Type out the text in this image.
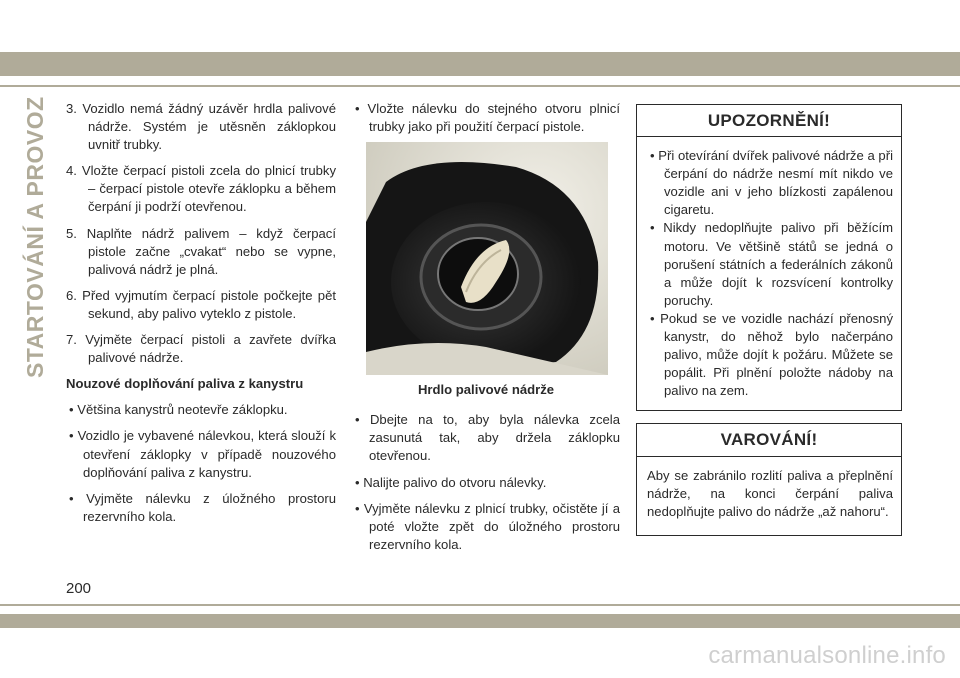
STARTOVÁNÍ A PROVOZ 3. Vozidlo nemá žádný uzávěr hrdla palivové nádrže. Systém je utěsněn záklopkou uvnitř trubky.

4. Vložte čerpací pistoli zcela do plnicí trubky – čerpací pistole otevře záklopku a během čerpání ji podrží otevřenou.

5. Naplňte nádrž palivem – když čerpací pistole začne „cvakat“ nebo se vypne, palivová nádrž je plná.

6. Před vyjmutím čerpací pistole počkejte pět sekund, aby palivo vyteklo z pistole.

7. Vyjměte čerpací pistoli a zavřete dvířka palivové nádrže.

Nouzové doplňování paliva z kanystru

• Většina kanystrů neotevře záklopku.

• Vozidlo je vybavené nálevkou, která slouží k otevření záklopky v případě nouzového doplňování paliva z kanystru.

• Vyjměte nálevku z úložného prostoru rezervního kola.

• Vložte nálevku do stejného otvoru plnicí trubky jako při použití čerpací pistole.

Hrdlo palivové nádrže

• Dbejte na to, aby byla nálevka zcela zasunutá tak, aby držela záklopku otevřenou.

• Nalijte palivo do otvoru nálevky.

• Vyjměte nálevku z plnicí trubky, očistěte jí a poté vložte zpět do úložného prostoru rezervního kola.

UPOZORNĚNÍ!

• Při otevírání dvířek palivové nádrže a při čerpání do nádrže nesmí mít nikdo ve vozidle ani v jeho blízkosti zapálenou cigaretu.

• Nikdy nedoplňujte palivo při běžícím motoru. Ve většině států se jedná o porušení státních a federálních zákonů a může dojít k rozsvícení kontrolky poruchy.

• Pokud se ve vozidle nachází přenosný kanystr, do něhož bylo načerpáno palivo, může dojít k požáru. Můžete se popálit. Při plnění položte nádoby na palivo na zem.

VAROVÁNÍ!

Aby se zabránilo rozlití paliva a přeplnění nádrže, na konci čerpání paliva nedoplňujte palivo do nádrže „až nahoru“.

200
carmanualsonline.info
